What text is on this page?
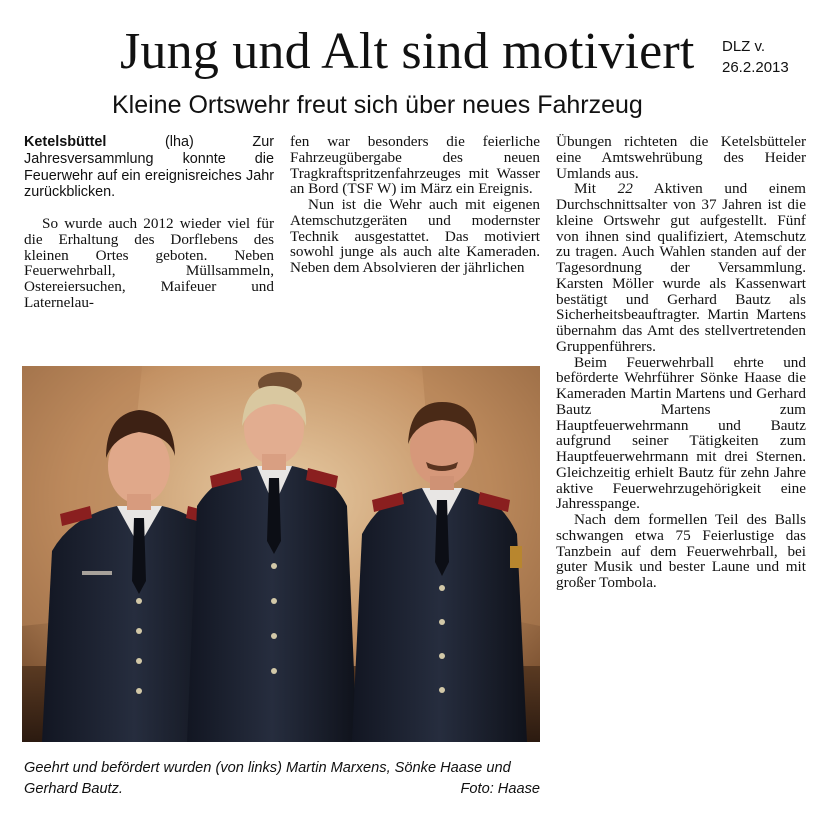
Jung und Alt sind motiviert DLZ v.
26.2.2013
Kleine Ortswehr freut sich über neues Fahrzeug

Ketelsbüttel	(lha)	Zur Jahresversammlung konnte die Feuerwehr auf ein ereignisreiches Jahr zurückblicken.

So wurde auch 2012 wieder viel für die Erhaltung des Dorflebens des kleinen Ortes geboten. Neben Feuerwehrball, Müllsammeln, Ostereiersuchen, Maifeuer und Laternelau-

fen war besonders die feierliche Fahrzeugübergabe des neuen Tragkraftspritzenfahrzeuges mit Wasser an Bord (TSF W) im März ein Ereignis.

Nun ist die Wehr auch mit eigenen Atemschutzgeräten und modernster Technik ausgestattet. Das motiviert sowohl junge als auch alte Kameraden. Neben dem Absolvieren der jährlichen

Übungen richteten die Ketelsbütteler eine Amtswehrübung des Heider Umlands aus.

Mit 22 Aktiven und einem Durchschnittsalter von 37 Jahren ist die kleine Ortswehr gut aufgestellt. Fünf von ihnen sind qualifiziert, Atemschutz zu tragen. Auch Wahlen standen auf der Tagesordnung der Versammlung. Karsten Möller wurde als Kassenwart bestätigt und Gerhard Bautz als Sicherheitsbeauftragter. Martin Martens übernahm das Amt des stellvertretenden Gruppenführers.

Beim Feuerwehrball ehrte und beförderte Wehrführer Sönke Haase die Kameraden Martin Martens und Gerhard Bautz Martens zum Hauptfeuerwehrmann und Bautz aufgrund seiner Tätigkeiten zum Hauptfeuerwehrmann mit drei Sternen. Gleichzeitig erhielt Bautz für zehn Jahre aktive Feuerwehrzugehörigkeit eine Jahresspange.

Nach dem formellen Teil des Balls schwangen etwa 75 Feierlustige das Tanzbein auf dem Feuerwehrball, bei guter Musik und bester Laune und mit großer Tombola.

Geehrt und befördert wurden (von links) Martin Marxens, Sönke Haase und Gerhard Bautz.	Foto: Haase
